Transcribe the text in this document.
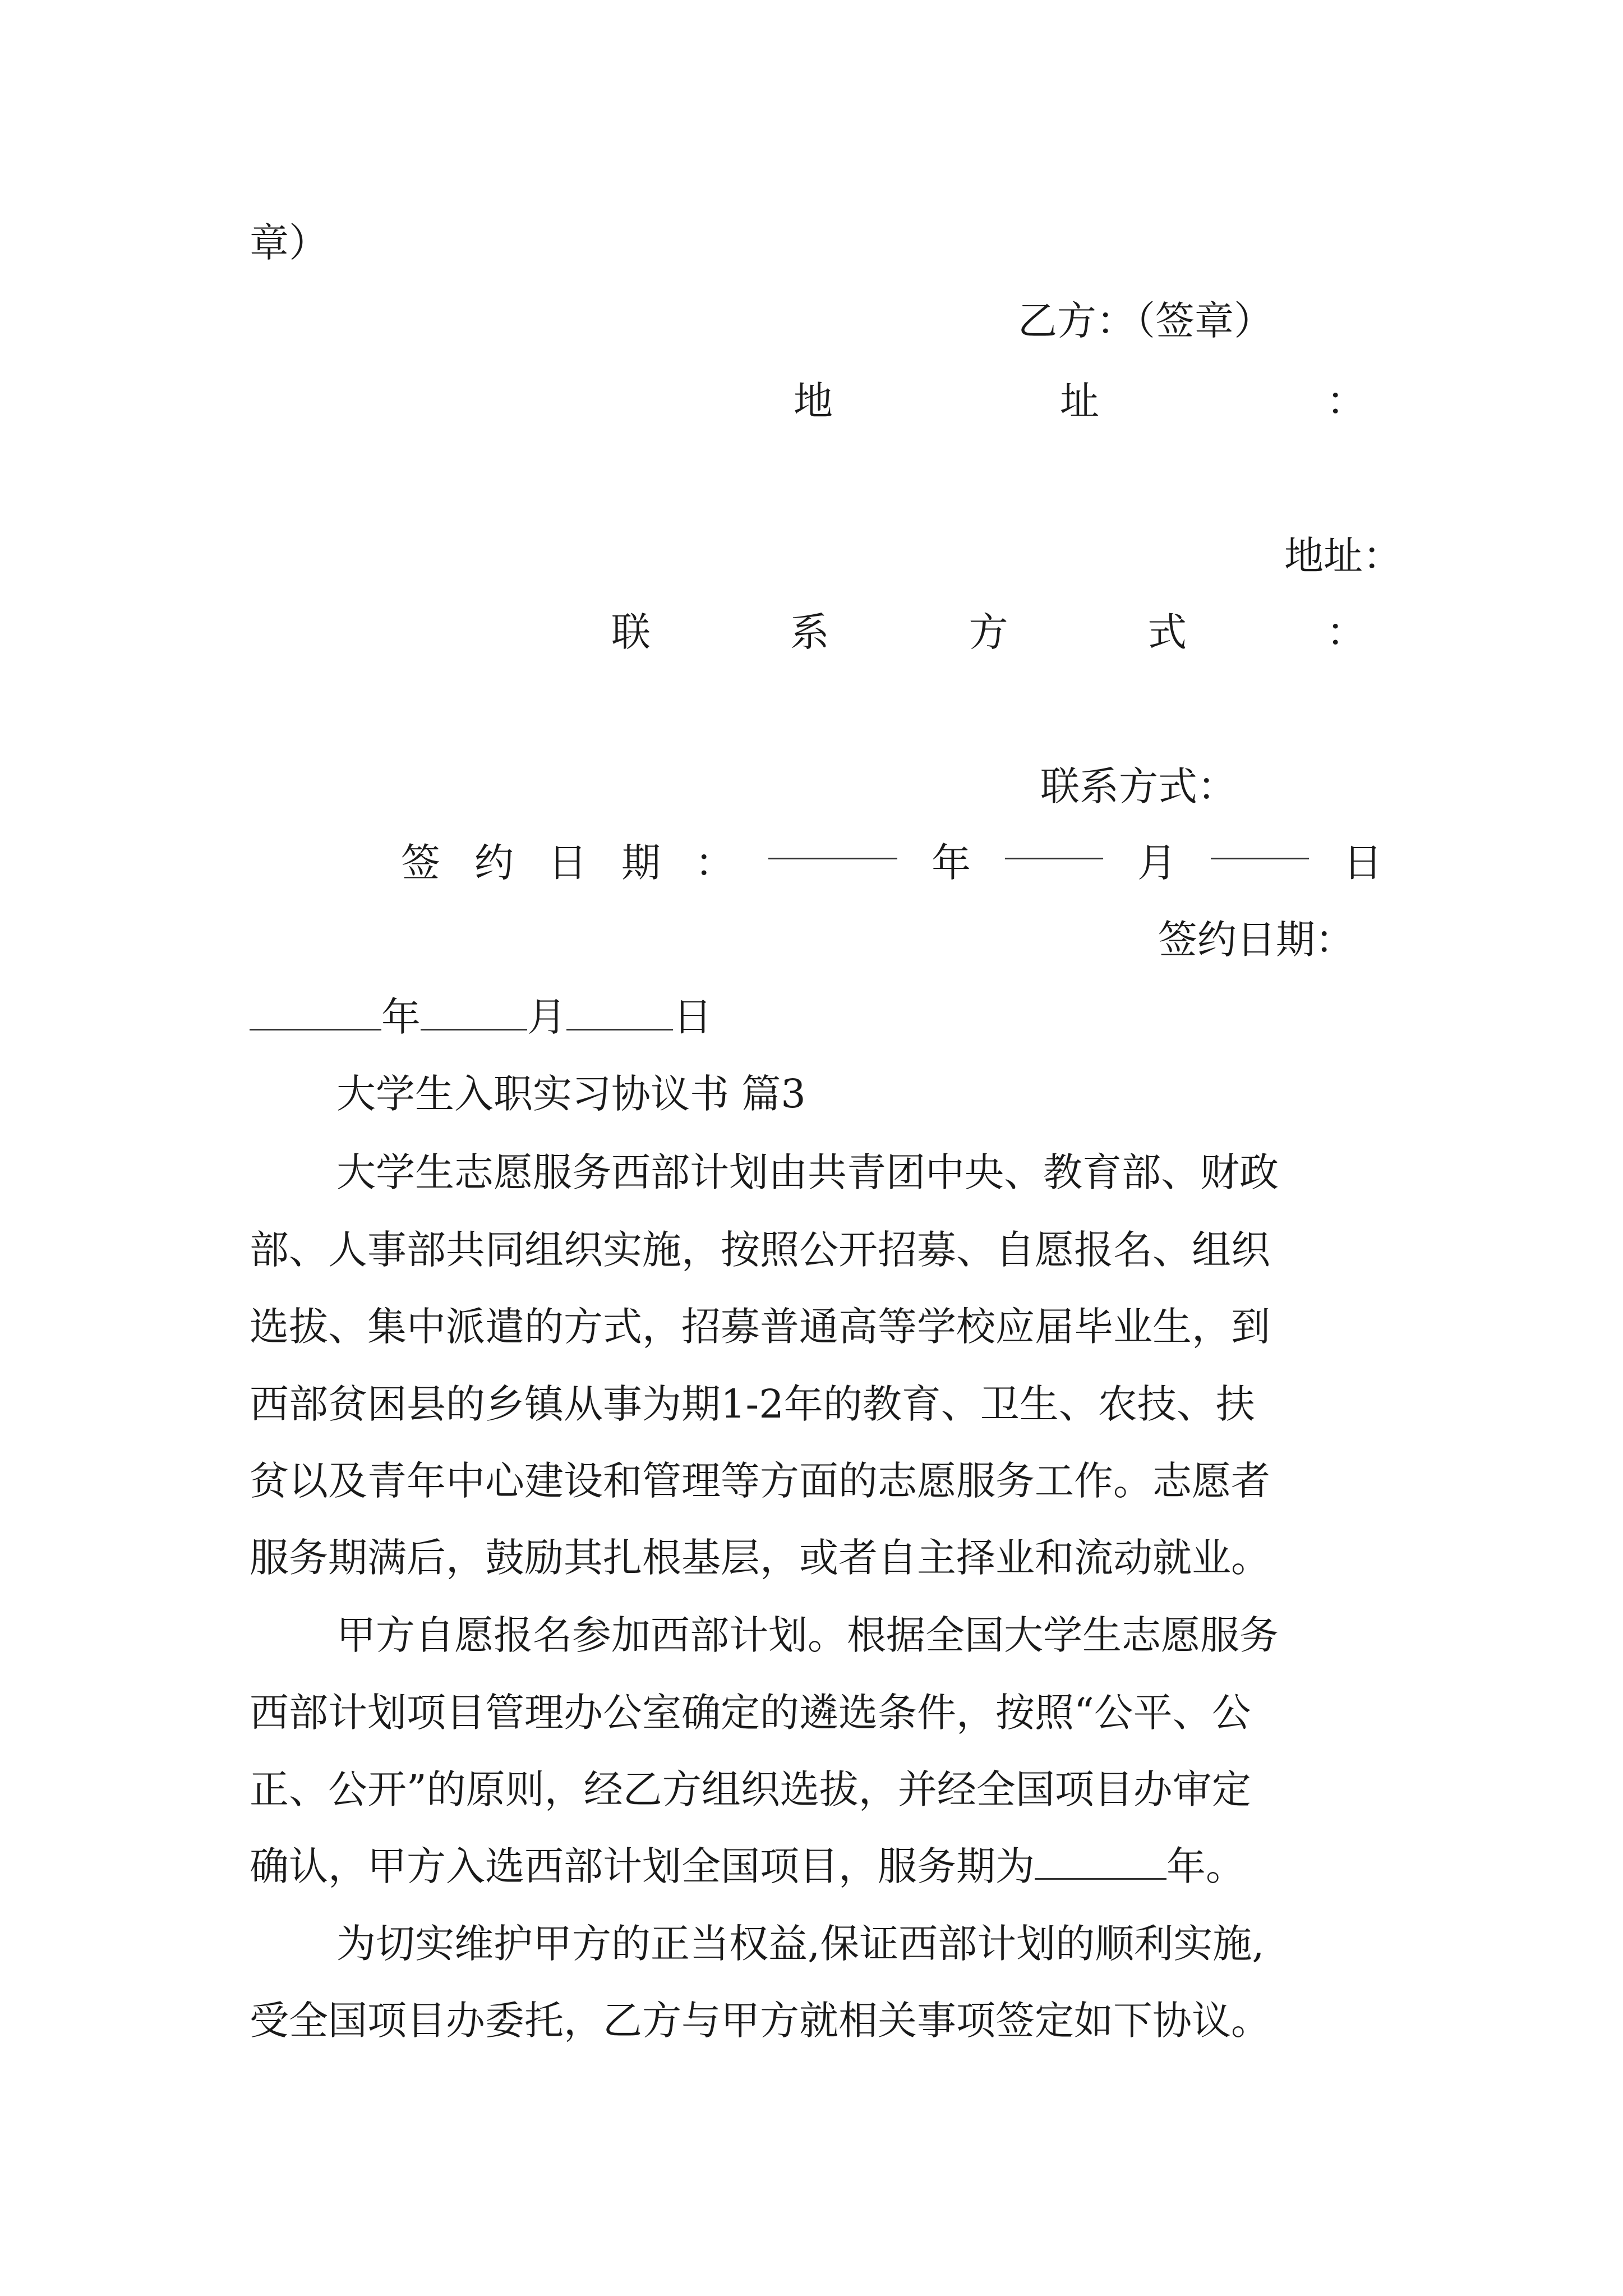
章）
乙方：（签章）
地	址	：
地址：
联	系	方	式	：
联系方式：
签 约 日 期 ：	年	月	日
签约日期：
年	月	日
大学生入职实习协议书 篇3
大学生志愿服务西部计划由共青团中央、教育部、财政
部、人事部共同组织实施，按照公开招募、自愿报名、组织
选拔、集中派遣的方式，招募普通高等学校应届毕业生，到
西部贫困县的乡镇从事为期1-2年的教育、卫生、农技、扶
贫以及青年中心建设和管理等方面的志愿服务工作。志愿者
服务期满后，鼓励其扎根基层，或者自主择业和流动就业。
甲方自愿报名参加西部计划。根据全国大学生志愿服务
西部计划项目管理办公室确定的遴选条件，按照“公平、公
正、公开”的原则，经乙方组织选拔，并经全国项目办审定
确认，甲方入选西部计划全国项目，服务期为	年。
为切实维护甲方的正当权益,保证西部计划的顺利实施,
受全国项目办委托，乙方与甲方就相关事项签定如下协议。
